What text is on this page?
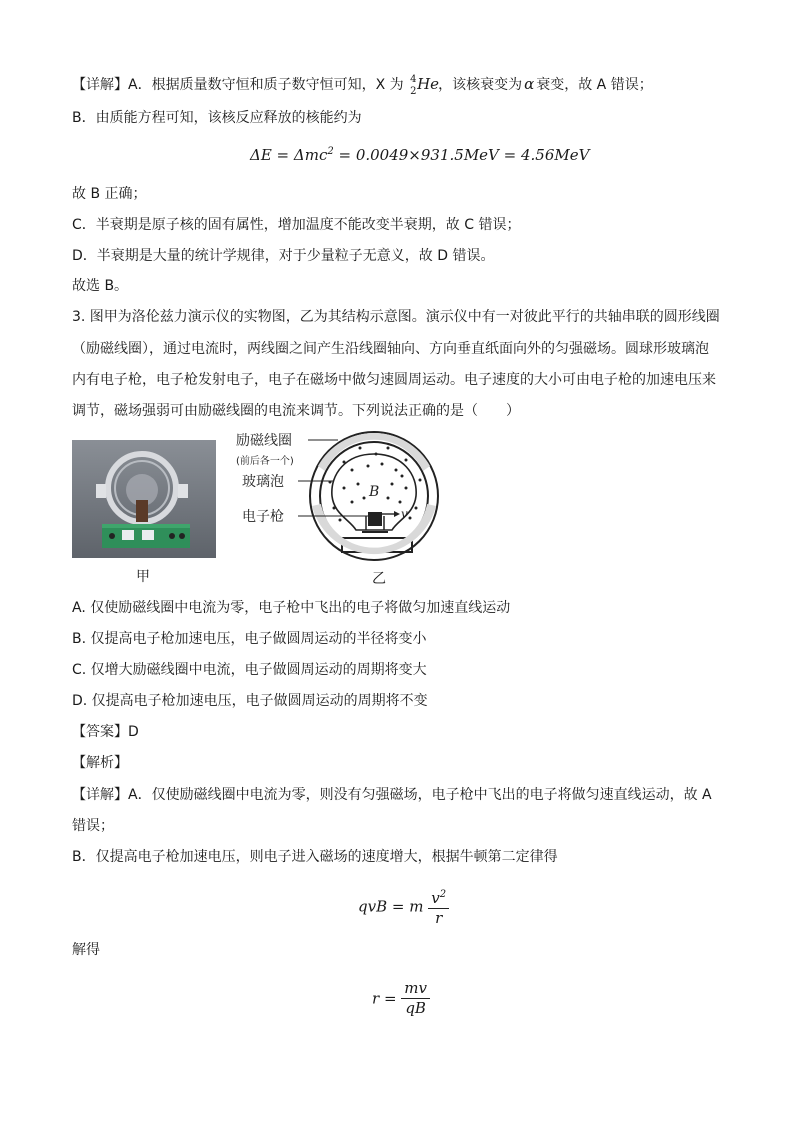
【详解】A．根据质量数守恒和质子数守恒可知，X 为 4
2 He ，该核衰变为 α 衰变，故 A 错误；
B．由质能方程可知，该核反应释放的核能约为
ΔE = Δmc$^2$ = 0.0049×931.5MeV = 4.56MeV
故 B 正确；
C．半衰期是原子核的固有属性，增加温度不能改变半衰期，故 C 错误；
D．半衰期是大量的统计学规律，对于少量粒子无意义，故 D 错误。
故选 B。
3. 图甲为洛伦兹力演示仪的实物图，乙为其结构示意图。演示仪中有一对彼此平行的共轴串联的圆形线圈
（励磁线圈），通过电流时，两线圈之间产生沿线圈轴向、方向垂直纸面向外的匀强磁场。圆球形玻璃泡
内有电子枪，电子枪发射电子，电子在磁场中做匀速圆周运动。电子速度的大小可由电子枪的加速电压来
调节，磁场强弱可由励磁线圈的电流来调节。下列说法正确的是（　　）
甲
B
v
励磁线圈
(前后各一个)
玻璃泡
电子枪
乙
A. 仅使励磁线圈中电流为零，电子枪中飞出的电子将做匀加速直线运动
B. 仅提高电子枪加速电压，电子做圆周运动的半径将变小
C. 仅增大励磁线圈中电流，电子做圆周运动的周期将变大
D. 仅提高电子枪加速电压，电子做圆周运动的周期将不变
【答案】D
【解析】
【详解】A．仅使励磁线圈中电流为零，则没有匀强磁场，电子枪中飞出的电子将做匀速直线运动，故 A
错误；
B．仅提高电子枪加速电压，则电子进入磁场的速度增大，根据牛顿第二定律得
qvB = m $\frac{v^2}{r}$
解得
$r = \frac{mv}{qB}$
